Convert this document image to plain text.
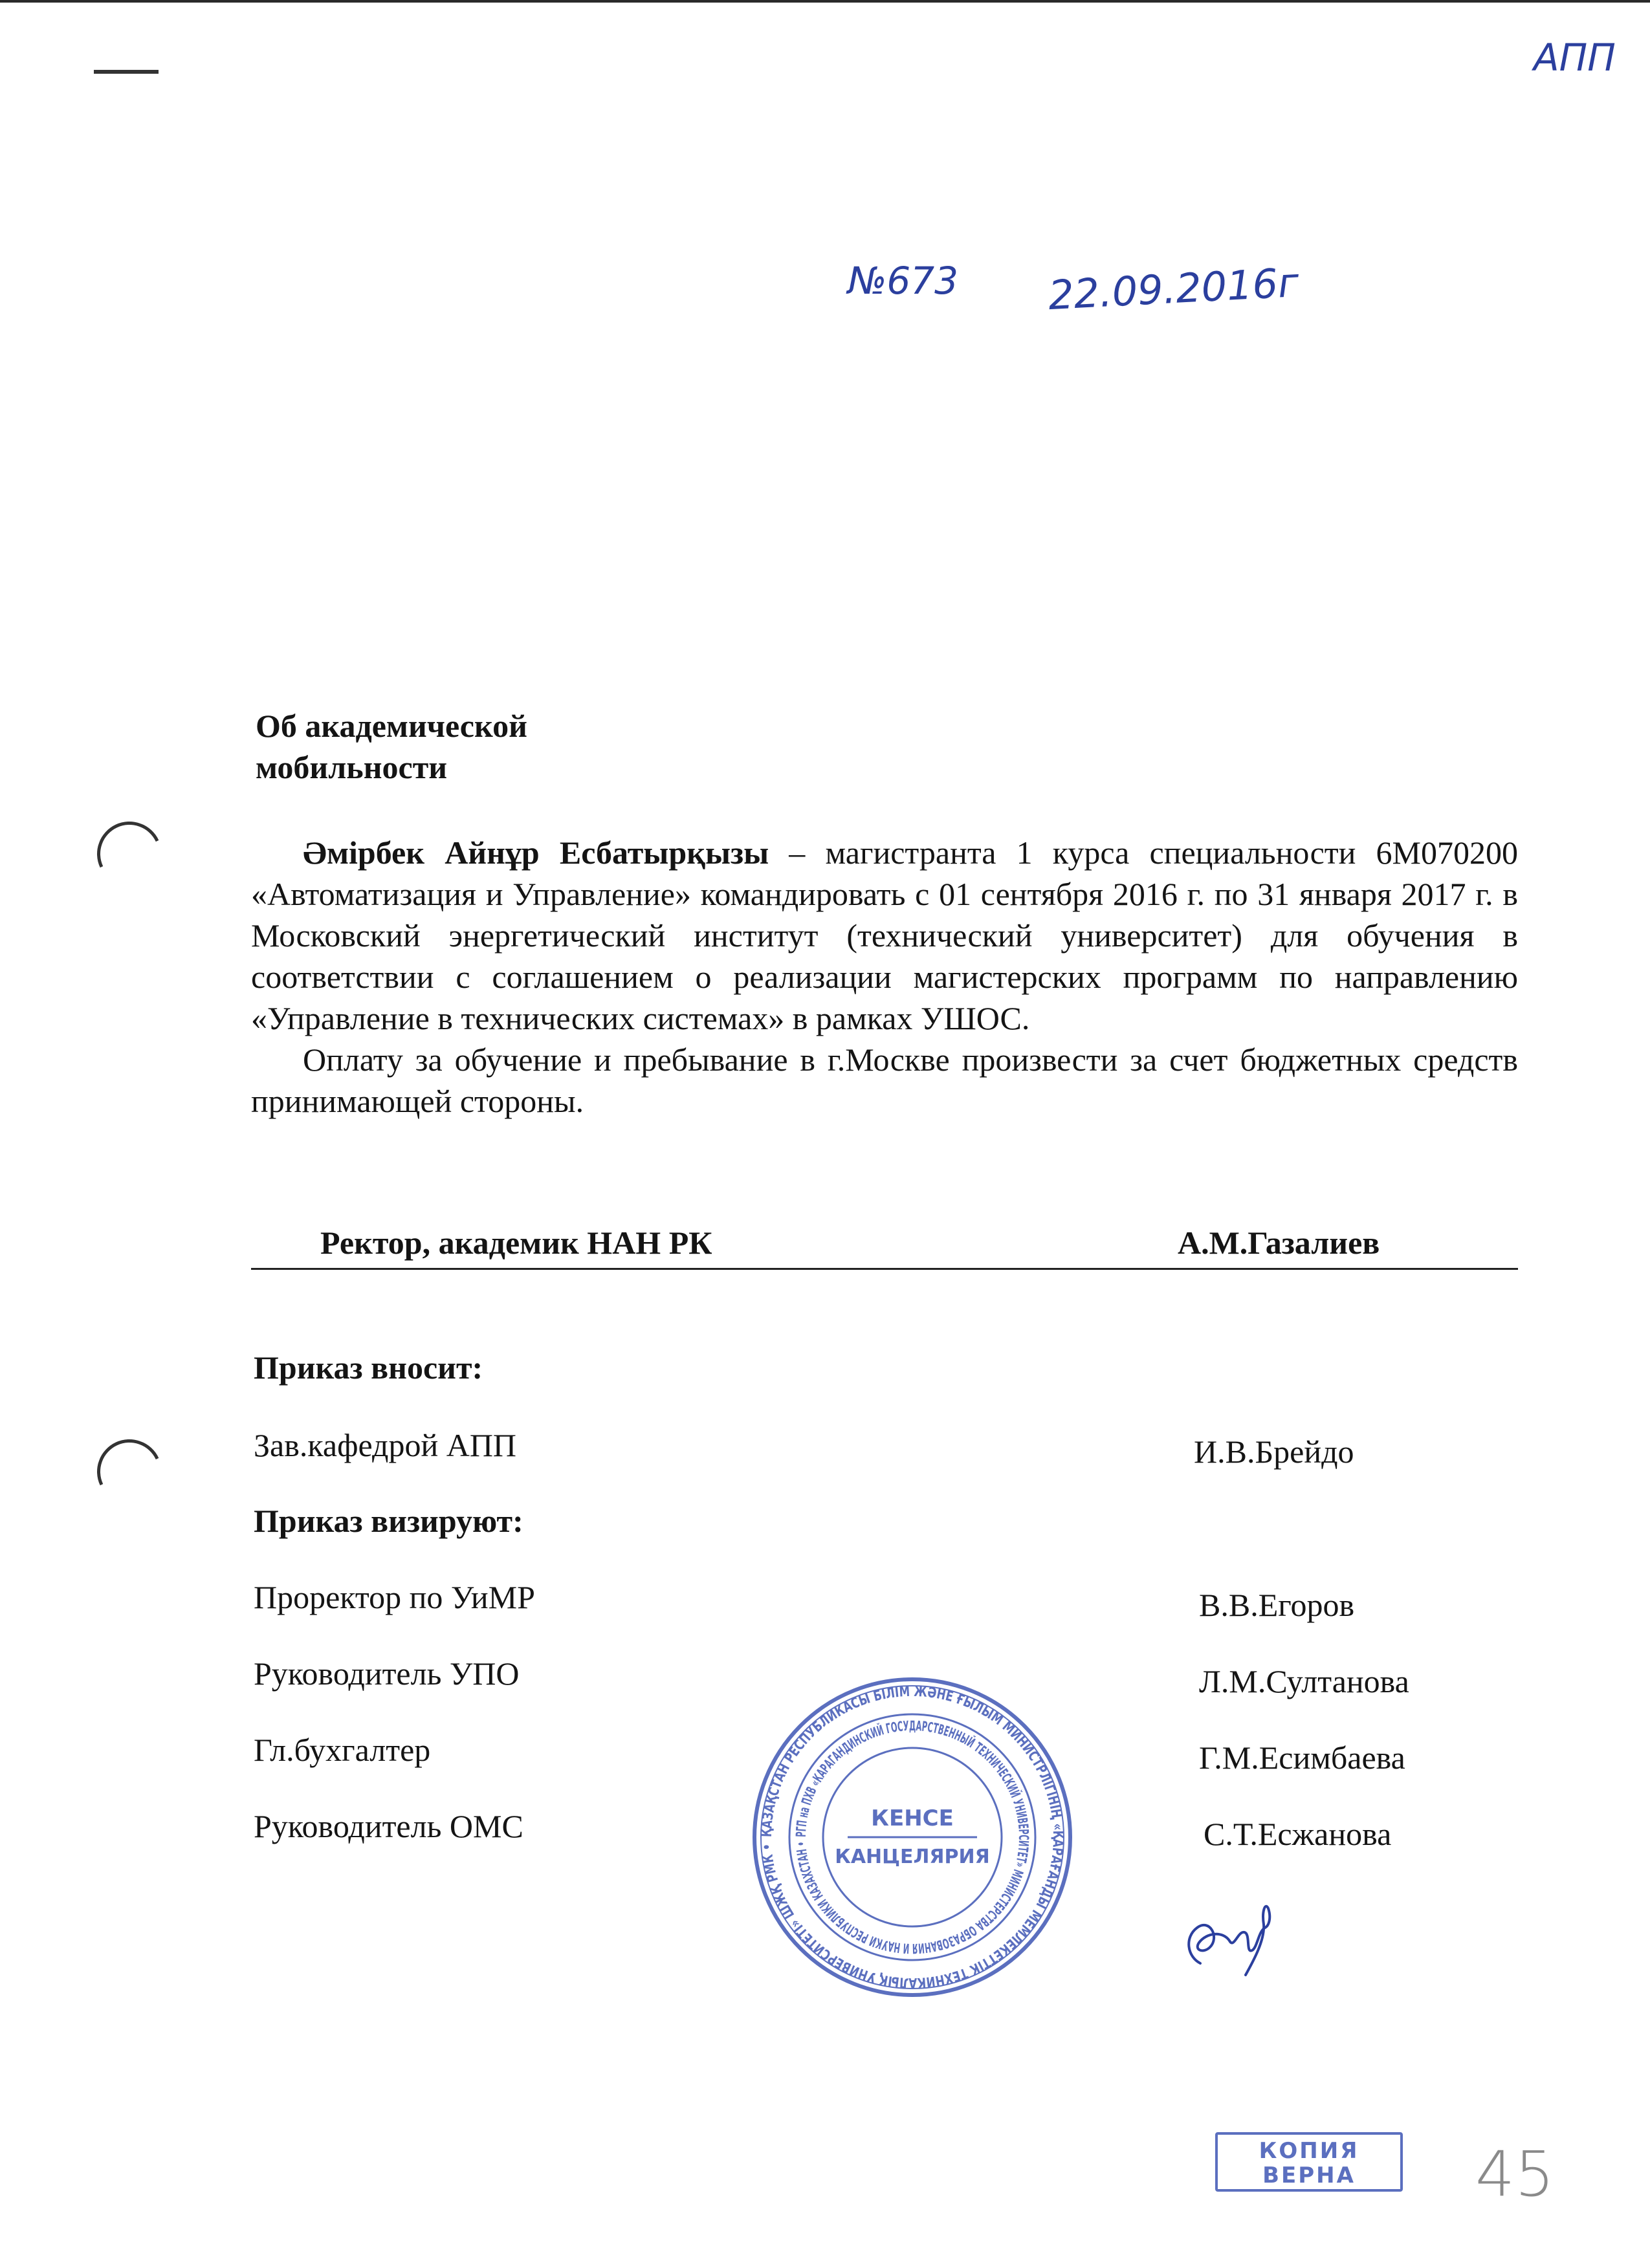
АПП
№673 22.09.2016г
Об академической
мобильности

Әмірбек Айнұр Есбатырқызы – магистранта 1 курса специальности 6М070200 «Автоматизация и Управление» командировать с 01 сентября 2016 г. по 31 января 2017 г. в Московский энергетический институт (технический университет) для обучения в соответствии с соглашением о реализации магистерских программ по направлению «Управление в технических системах» в рамках УШОС.

Оплату за обучение и пребывание в г.Москве произвести за счет бюджетных средств принимающей стороны.

Ректор, академик НАН РК	А.М.Газалиев
Приказ вносит:
Зав.кафедрой АПП	И.В.Брейдо
Приказ визируют:
Проректор по УиМР	В.В.Егоров
Руководитель УПО	Л.М.Султанова
Гл.бухгалтер	Г.М.Есимбаева
Руководитель ОМС	С.Т.Есжанова
ҚАЗАҚСТАН РЕСПУБЛИКАСЫ БІЛІМ ЖӘНЕ ҒЫЛЫМ МИНИСТРЛІГІНІҢ «ҚАРАҒАНДЫ МЕМЛЕКЕТТІК ТЕХНИКАЛЫҚ УНИВЕРСИТЕТІ» ШЖҚ РМК •
РГП на ПХВ «КАРАГАНДИНСКИЙ ГОСУДАРСТВЕННЫЙ ТЕХНИЧЕСКИЙ УНИВЕРСИТЕТ» МИНИСТЕРСТВА ОБРАЗОВАНИЯ И НАУКИ РЕСПУБЛИКИ КАЗАХСТАН •
КЕНСЕ
КАНЦЕЛЯРИЯ
КОПИЯ
ВЕРНА	45
